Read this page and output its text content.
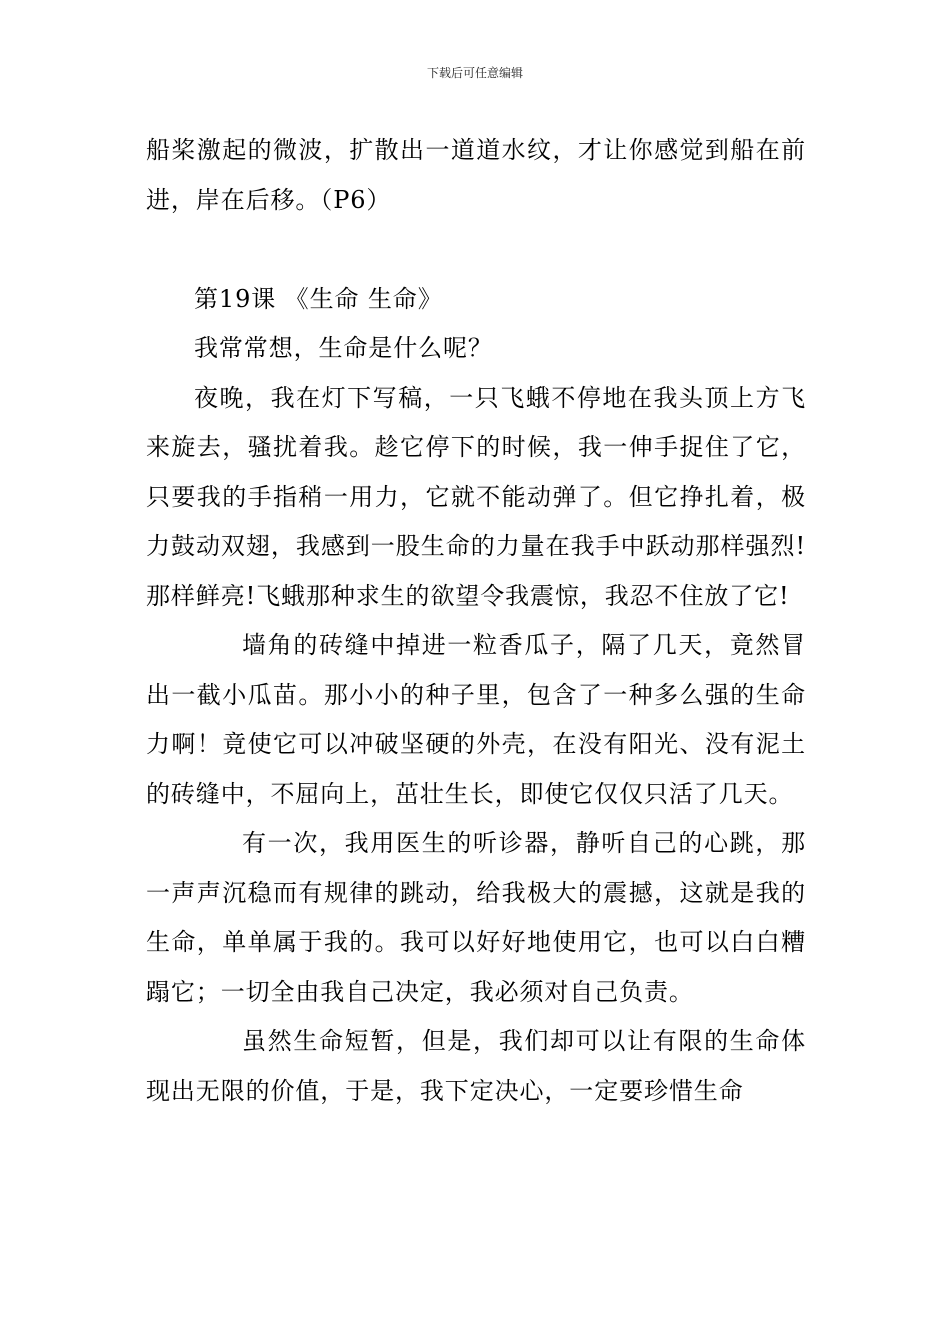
下载后可任意编辑

船桨激起的微波，扩散出一道道水纹，才让你感觉到船在前进，岸在后移。（P6）

第19课 《生命 生命》

我常常想，生命是什么呢？

夜晚，我在灯下写稿，一只飞蛾不停地在我头顶上方飞来旋去，骚扰着我。趁它停下的时候，我一伸手捉住了它，只要我的手指稍一用力，它就不能动弹了。但它挣扎着，极力鼓动双翅，我感到一股生命的力量在我手中跃动那样强烈!那样鲜亮!飞蛾那种求生的欲望令我震惊，我忍不住放了它!

墙角的砖缝中掉进一粒香瓜子，隔了几天，竟然冒出一截小瓜苗。那小小的种子里，包含了一种多么强的生命力啊！竟使它可以冲破坚硬的外壳，在没有阳光、没有泥土的砖缝中，不屈向上，茁壮生长，即使它仅仅只活了几天。

有一次，我用医生的听诊器，静听自己的心跳，那一声声沉稳而有规律的跳动，给我极大的震撼，这就是我的生命，单单属于我的。我可以好好地使用它，也可以白白糟蹋它；一切全由我自己决定，我必须对自己负责。

虽然生命短暂，但是，我们却可以让有限的生命体现出无限的价值，于是，我下定决心，一定要珍惜生命
